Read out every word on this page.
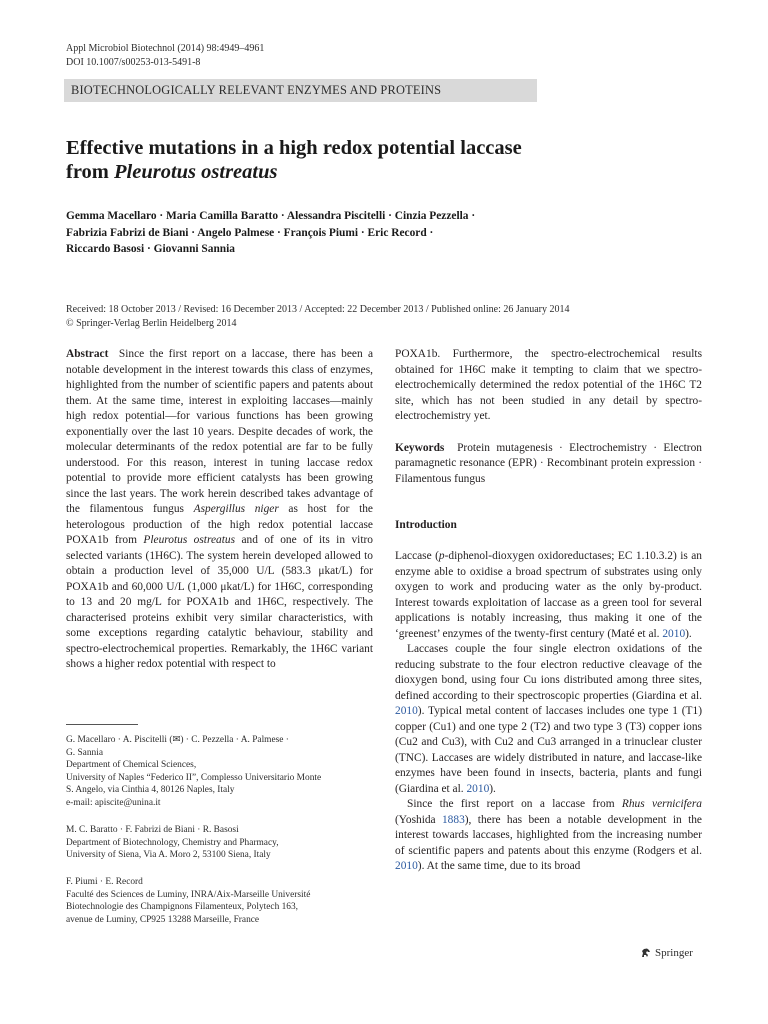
Appl Microbiol Biotechnol (2014) 98:4949–4961
DOI 10.1007/s00253-013-5491-8
BIOTECHNOLOGICALLY RELEVANT ENZYMES AND PROTEINS
Effective mutations in a high redox potential laccase
from Pleurotus ostreatus
Gemma Macellaro · Maria Camilla Baratto · Alessandra Piscitelli · Cinzia Pezzella ·
Fabrizia Fabrizi de Biani · Angelo Palmese · François Piumi · Eric Record ·
Riccardo Basosi · Giovanni Sannia
Received: 18 October 2013 / Revised: 16 December 2013 / Accepted: 22 December 2013 / Published online: 26 January 2014
© Springer-Verlag Berlin Heidelberg 2014

Abstract Since the first report on a laccase, there has been a notable development in the interest towards this class of enzymes, highlighted from the number of scientific papers and patents about them. At the same time, interest in exploiting laccases—mainly high redox potential—for various functions has been growing exponentially over the last 10 years. Despite decades of work, the molecular determinants of the redox potential are far to be fully understood. For this reason, interest in tuning laccase redox potential to provide more efficient catalysts has been growing since the last years. The work herein described takes advantage of the filamentous fungus Aspergillus niger as host for the heterologous production of the high redox potential laccase POXA1b from Pleurotus ostreatus and of one of its in vitro selected variants (1H6C). The system herein developed allowed to obtain a production level of 35,000 U/L (583.3 μkat/L) for POXA1b and 60,000 U/L (1,000 μkat/L) for 1H6C, corresponding to 13 and 20 mg/L for POXA1b and 1H6C, respectively. The characterised proteins exhibit very similar characteristics, with some exceptions regarding catalytic behaviour, stability and spectro-electrochemical properties. Remarkably, the 1H6C variant shows a higher redox potential with respect to

G. Macellaro · A. Piscitelli (✉) · C. Pezzella · A. Palmese ·

G. Sannia

Department of Chemical Sciences,

University of Naples “Federico II”, Complesso Universitario Monte

S. Angelo, via Cinthia 4, 80126 Naples, Italy

e-mail: apiscite@unina.it

M. C. Baratto · F. Fabrizi de Biani · R. Basosi

Department of Biotechnology, Chemistry and Pharmacy,

University of Siena, Via A. Moro 2, 53100 Siena, Italy

F. Piumi · E. Record

Faculté des Sciences de Luminy, INRA/Aix-Marseille Université

Biotechnologie des Champignons Filamenteux, Polytech 163,

avenue de Luminy, CP925 13288 Marseille, France

POXA1b. Furthermore, the spectro-electrochemical results obtained for 1H6C make it tempting to claim that we spectro-electrochemically determined the redox potential of the 1H6C T2 site, which has not been studied in any detail by spectro-electrochemistry yet.

Keywords Protein mutagenesis · Electrochemistry · Electron paramagnetic resonance (EPR) · Recombinant protein expression · Filamentous fungus

Introduction

Laccase (p-diphenol-dioxygen oxidoreductases; EC 1.10.3.2) is an enzyme able to oxidise a broad spectrum of substrates using only oxygen to work and producing water as the only by-product. Interest towards exploitation of laccase as a green tool for several applications is notably increasing, thus making it one of the ‘greenest’ enzymes of the twenty-first century (Maté et al. 2010).

Laccases couple the four single electron oxidations of the reducing substrate to the four electron reductive cleavage of the dioxygen bond, using four Cu ions distributed among three sites, defined according to their spectroscopic properties (Giardina et al. 2010). Typical metal content of laccases includes one type 1 (T1) copper (Cu1) and one type 2 (T2) and two type 3 (T3) copper ions (Cu2 and Cu3), with Cu2 and Cu3 arranged in a trinuclear cluster (TNC). Laccases are widely distributed in nature, and laccase-like enzymes have been found in insects, bacteria, plants and fungi (Giardina et al. 2010).

Since the first report on a laccase from Rhus vernicifera (Yoshida 1883), there has been a notable development in the interest towards laccases, highlighted from the increasing number of scientific papers and patents about this enzyme (Rodgers et al. 2010). At the same time, due to its broad

Springer
